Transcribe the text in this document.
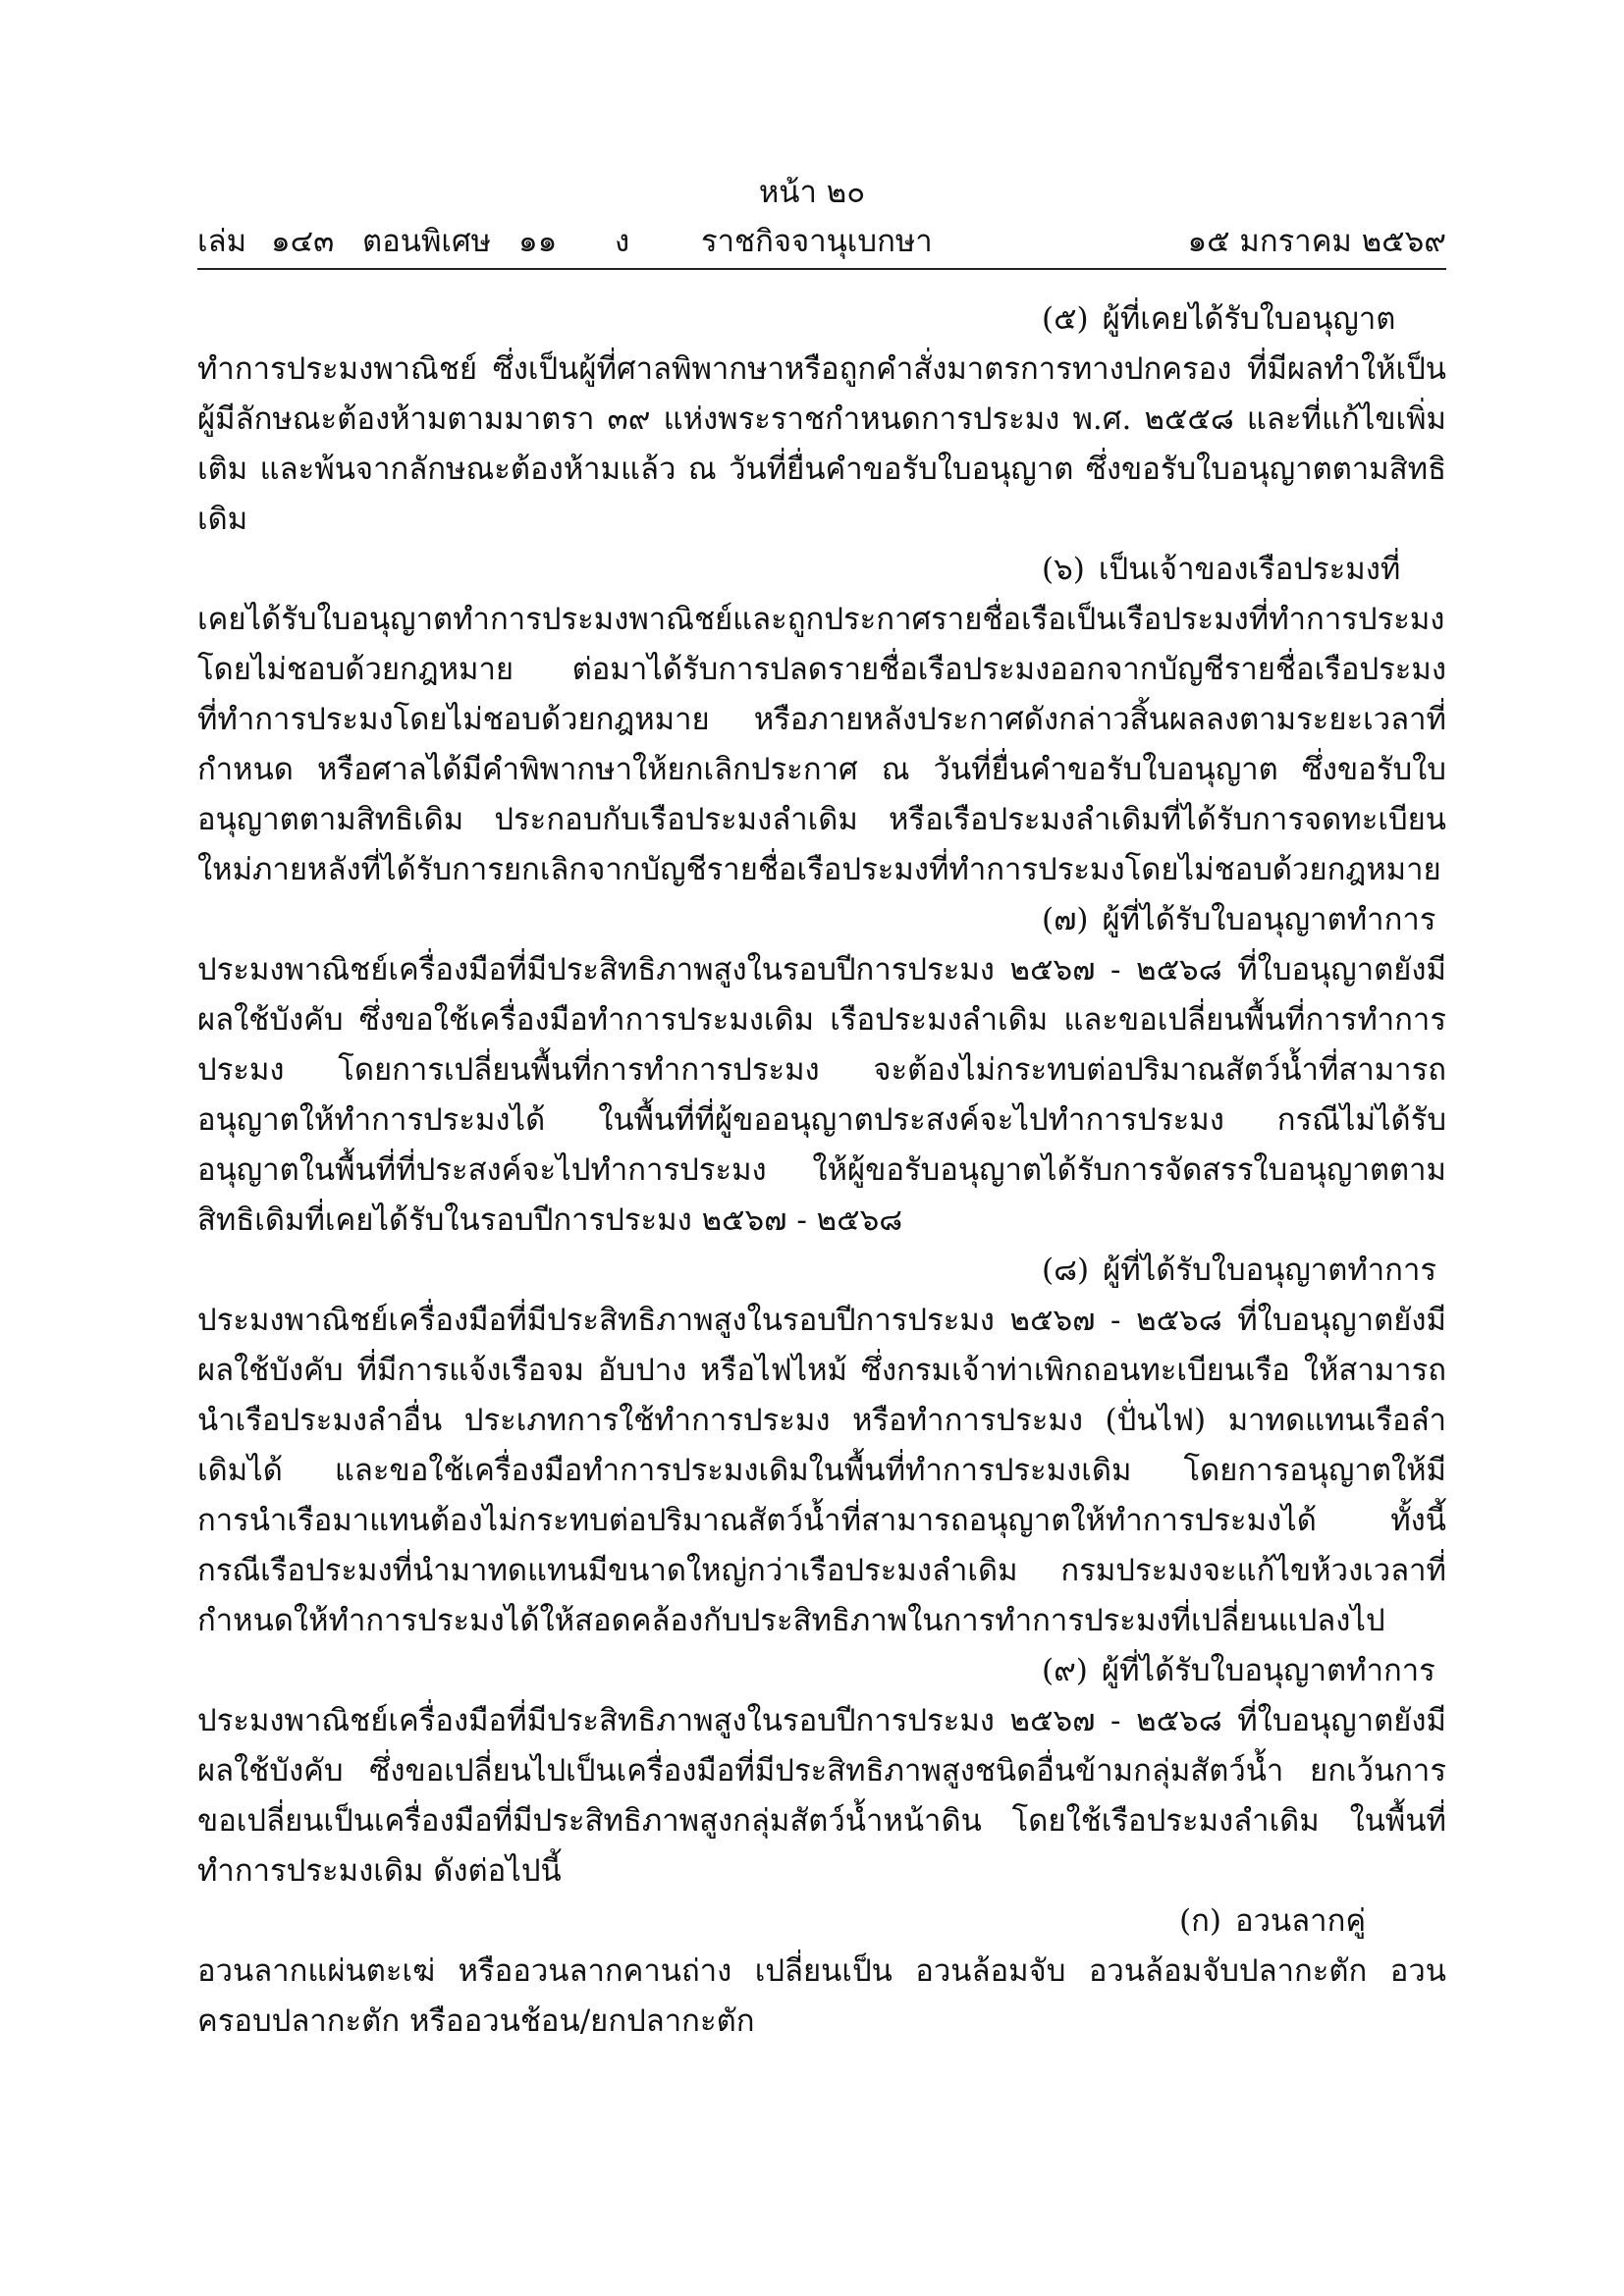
หน้า ๒๐
เล่ม ๑๔๓ ตอนพิเศษ ๑๑ ง ราชกิจจานุเบกษา	๑๕ มกราคม ๒๕๖๙

(๕) ผู้ที่เคยได้รับใบอนุญาตทำการประมงพาณิชย์ ซึ่งเป็นผู้ที่ศาลพิพากษาหรือถูกคำสั่งมาตรการทางปกครอง ที่มีผลทำให้เป็นผู้มีลักษณะต้องห้ามตามมาตรา ๓๙ แห่งพระราชกำหนดการประมง พ.ศ. ๒๕๕๘ และที่แก้ไขเพิ่มเติม และพ้นจากลักษณะต้องห้ามแล้ว ณ วันที่ยื่นคำขอรับใบอนุญาต ซึ่งขอรับใบอนุญาตตามสิทธิเดิม

(๖) เป็นเจ้าของเรือประมงที่เคยได้รับใบอนุญาตทำการประมงพาณิชย์และถูกประกาศรายชื่อเรือเป็นเรือประมงที่ทำการประมงโดยไม่ชอบด้วยกฎหมาย ต่อมาได้รับการปลดรายชื่อเรือประมงออกจากบัญชีรายชื่อเรือประมงที่ทำการประมงโดยไม่ชอบด้วยกฎหมาย หรือภายหลังประกาศดังกล่าวสิ้นผลลงตามระยะเวลาที่กำหนด หรือศาลได้มีคำพิพากษาให้ยกเลิกประกาศ ณ วันที่ยื่นคำขอรับใบอนุญาต ซึ่งขอรับใบอนุญาตตามสิทธิเดิม ประกอบกับเรือประมงลำเดิม หรือเรือประมงลำเดิมที่ได้รับการจดทะเบียนใหม่ภายหลังที่ได้รับการยกเลิกจากบัญชีรายชื่อเรือประมงที่ทำการประมงโดยไม่ชอบด้วยกฎหมาย

(๗) ผู้ที่ได้รับใบอนุญาตทำการประมงพาณิชย์เครื่องมือที่มีประสิทธิภาพสูงในรอบปีการประมง ๒๕๖๗ - ๒๕๖๘ ที่ใบอนุญาตยังมีผลใช้บังคับ ซึ่งขอใช้เครื่องมือทำการประมงเดิม เรือประมงลำเดิม และขอเปลี่ยนพื้นที่การทำการประมง โดยการเปลี่ยนพื้นที่การทำการประมง จะต้องไม่กระทบต่อปริมาณสัตว์น้ำที่สามารถอนุญาตให้ทำการประมงได้ ในพื้นที่ที่ผู้ขออนุญาตประสงค์จะไปทำการประมง กรณีไม่ได้รับอนุญาตในพื้นที่ที่ประสงค์จะไปทำการประมง ให้ผู้ขอรับอนุญาตได้รับการจัดสรรใบอนุญาตตามสิทธิเดิมที่เคยได้รับในรอบปีการประมง ๒๕๖๗ - ๒๕๖๘

(๘) ผู้ที่ได้รับใบอนุญาตทำการประมงพาณิชย์เครื่องมือที่มีประสิทธิภาพสูงในรอบปีการประมง ๒๕๖๗ - ๒๕๖๘ ที่ใบอนุญาตยังมีผลใช้บังคับ ที่มีการแจ้งเรือจม อับปาง หรือไฟไหม้ ซึ่งกรมเจ้าท่าเพิกถอนทะเบียนเรือ ให้สามารถนำเรือประมงลำอื่น ประเภทการใช้ทำการประมง หรือทำการประมง (ปั่นไฟ) มาทดแทนเรือลำเดิมได้ และขอใช้เครื่องมือทำการประมงเดิมในพื้นที่ทำการประมงเดิม โดยการอนุญาตให้มีการนำเรือมาแทนต้องไม่กระทบต่อปริมาณสัตว์น้ำที่สามารถอนุญาตให้ทำการประมงได้ ทั้งนี้ กรณีเรือประมงที่นำมาทดแทนมีขนาดใหญ่กว่าเรือประมงลำเดิม กรมประมงจะแก้ไขห้วงเวลาที่กำหนดให้ทำการประมงได้ให้สอดคล้องกับประสิทธิภาพในการทำการประมงที่เปลี่ยนแปลงไป

(๙) ผู้ที่ได้รับใบอนุญาตทำการประมงพาณิชย์เครื่องมือที่มีประสิทธิภาพสูงในรอบปีการประมง ๒๕๖๗ - ๒๕๖๘ ที่ใบอนุญาตยังมีผลใช้บังคับ ซึ่งขอเปลี่ยนไปเป็นเครื่องมือที่มีประสิทธิภาพสูงชนิดอื่นข้ามกลุ่มสัตว์น้ำ ยกเว้นการขอเปลี่ยนเป็นเครื่องมือที่มีประสิทธิภาพสูงกลุ่มสัตว์น้ำหน้าดิน โดยใช้เรือประมงลำเดิม ในพื้นที่ทำการประมงเดิม ดังต่อไปนี้

(ก) อวนลากคู่ อวนลากแผ่นตะเฆ่ หรืออวนลากคานถ่าง เปลี่ยนเป็น อวนล้อมจับ อวนล้อมจับปลากะตัก อวนครอบปลากะตัก หรืออวนช้อน/ยกปลากะตัก
